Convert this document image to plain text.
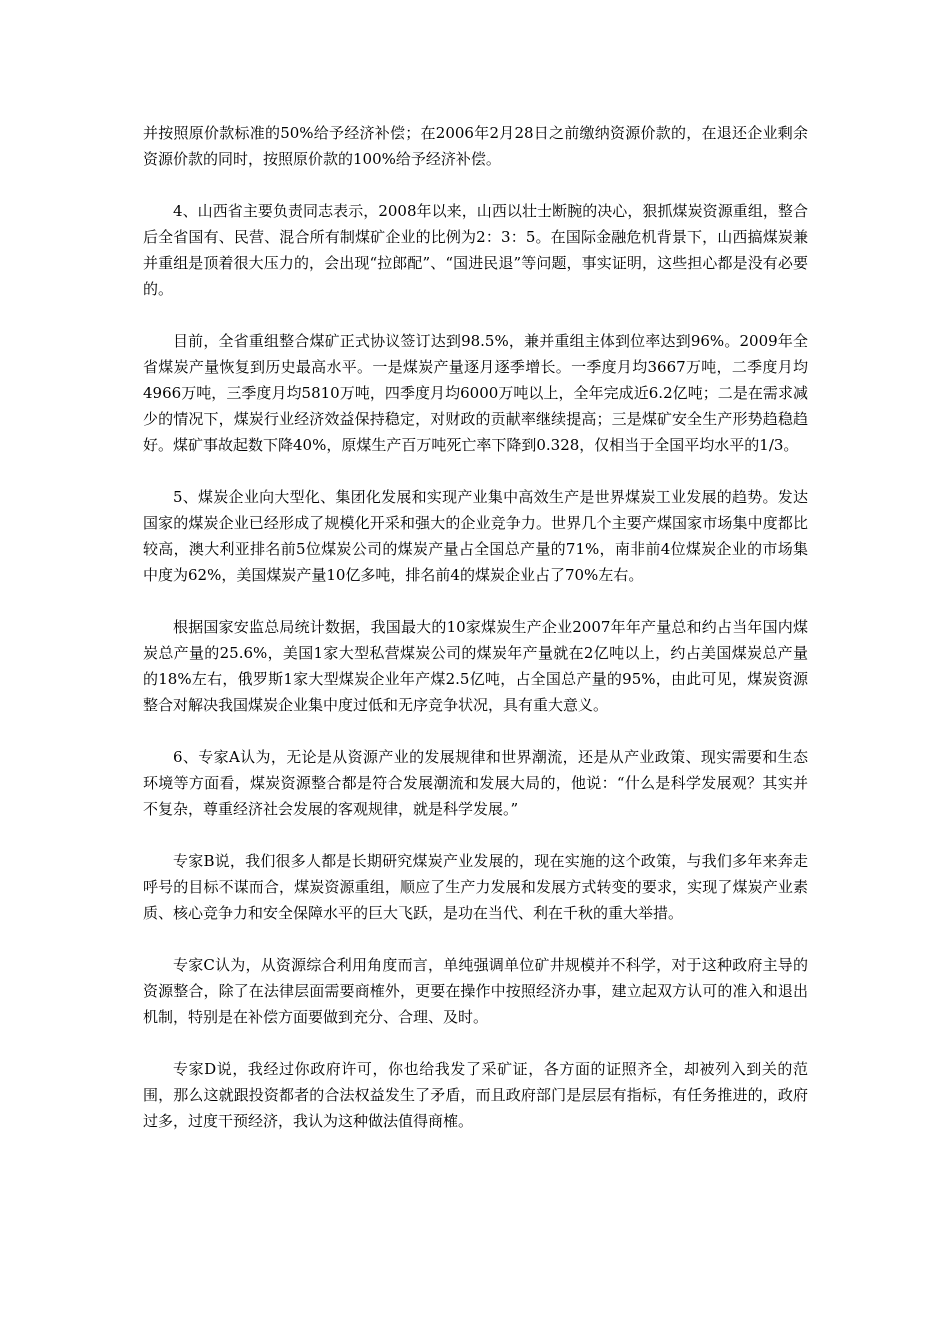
并按照原价款标准的50%给予经济补偿；在2006年2月28日之前缴纳资源价款的，在退还企业剩余资源价款的同时，按照原价款的100%给予经济补偿。

4、山西省主要负责同志表示，2008年以来，山西以壮士断腕的决心，狠抓煤炭资源重组，整合后全省国有、民营、混合所有制煤矿企业的比例为2：3：5。在国际金融危机背景下，山西搞煤炭兼并重组是顶着很大压力的，会出现“拉郎配”、“国进民退”等问题，事实证明，这些担心都是没有必要的。

目前，全省重组整合煤矿正式协议签订达到98.5%，兼并重组主体到位率达到96%。2009年全省煤炭产量恢复到历史最高水平。一是煤炭产量逐月逐季增长。一季度月均3667万吨，二季度月均4966万吨，三季度月均5810万吨，四季度月均6000万吨以上，全年完成近6.2亿吨；二是在需求减少的情况下，煤炭行业经济效益保持稳定，对财政的贡献率继续提高；三是煤矿安全生产形势趋稳趋好。煤矿事故起数下降40%，原煤生产百万吨死亡率下降到0.328，仅相当于全国平均水平的1/3。

5、煤炭企业向大型化、集团化发展和实现产业集中高效生产是世界煤炭工业发展的趋势。发达国家的煤炭企业已经形成了规模化开采和强大的企业竞争力。世界几个主要产煤国家市场集中度都比较高，澳大利亚排名前5位煤炭公司的煤炭产量占全国总产量的71%，南非前4位煤炭企业的市场集中度为62%，美国煤炭产量10亿多吨，排名前4的煤炭企业占了70%左右。

根据国家安监总局统计数据，我国最大的10家煤炭生产企业2007年年产量总和约占当年国内煤炭总产量的25.6%，美国1家大型私营煤炭公司的煤炭年产量就在2亿吨以上，约占美国煤炭总产量的18%左右，俄罗斯1家大型煤炭企业年产煤2.5亿吨，占全国总产量的95%，由此可见，煤炭资源整合对解决我国煤炭企业集中度过低和无序竞争状况，具有重大意义。

6、专家A认为，无论是从资源产业的发展规律和世界潮流，还是从产业政策、现实需要和生态环境等方面看，煤炭资源整合都是符合发展潮流和发展大局的，他说：“什么是科学发展观？其实并不复杂，尊重经济社会发展的客观规律，就是科学发展。”

专家B说，我们很多人都是长期研究煤炭产业发展的，现在实施的这个政策，与我们多年来奔走呼号的目标不谋而合，煤炭资源重组，顺应了生产力发展和发展方式转变的要求，实现了煤炭产业素质、核心竞争力和安全保障水平的巨大飞跃，是功在当代、利在千秋的重大举措。

专家C认为，从资源综合利用角度而言，单纯强调单位矿井规模并不科学，对于这种政府主导的资源整合，除了在法律层面需要商榷外，更要在操作中按照经济办事，建立起双方认可的准入和退出机制，特别是在补偿方面要做到充分、合理、及时。

专家D说，我经过你政府许可，你也给我发了采矿证，各方面的证照齐全，却被列入到关的范围，那么这就跟投资都者的合法权益发生了矛盾，而且政府部门是层层有指标，有任务推进的，政府过多，过度干预经济，我认为这种做法值得商榷。
